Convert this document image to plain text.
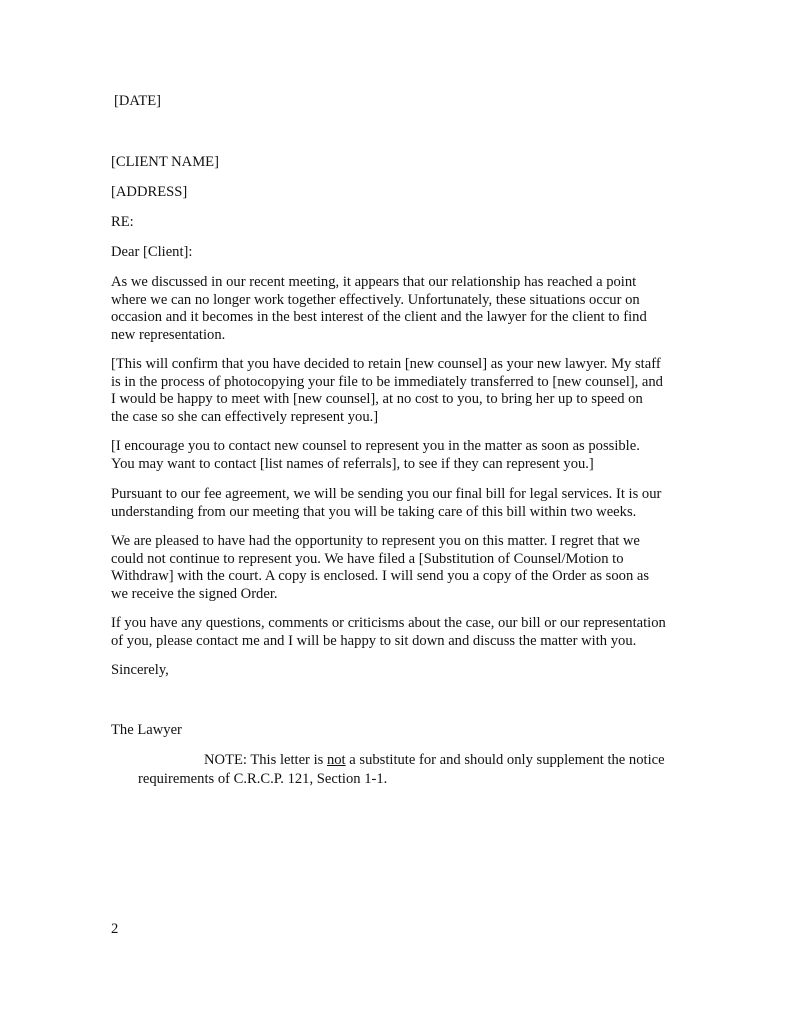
[DATE]
[CLIENT NAME]
[ADDRESS]
RE:
Dear [Client]:
As we discussed in our recent meeting, it appears that our relationship has reached a point
where we can no longer work together effectively. Unfortunately, these situations occur on
occasion and it becomes in the best interest of the client and the lawyer for the client to find
new representation.
[This will confirm that you have decided to retain [new counsel] as your new lawyer. My staff
is in the process of photocopying your file to be immediately transferred to [new counsel], and
I would be happy to meet with [new counsel], at no cost to you, to bring her up to speed on
the case so she can effectively represent you.]
[I encourage you to contact new counsel to represent you in the matter as soon as possible.
You may want to contact [list names of referrals], to see if they can represent you.]
Pursuant to our fee agreement, we will be sending you our final bill for legal services. It is our
understanding from our meeting that you will be taking care of this bill within two weeks.
We are pleased to have had the opportunity to represent you on this matter. I regret that we
could not continue to represent you. We have filed a [Substitution of Counsel/Motion to
Withdraw] with the court. A copy is enclosed. I will send you a copy of the Order as soon as
we receive the signed Order.
If you have any questions, comments or criticisms about the case, our bill or our representation
of you, please contact me and I will be happy to sit down and discuss the matter with you.
Sincerely,
The Lawyer
NOTE: This letter is not a substitute for and should only supplement the notice
requirements of C.R.C.P. 121, Section 1-1.
2
